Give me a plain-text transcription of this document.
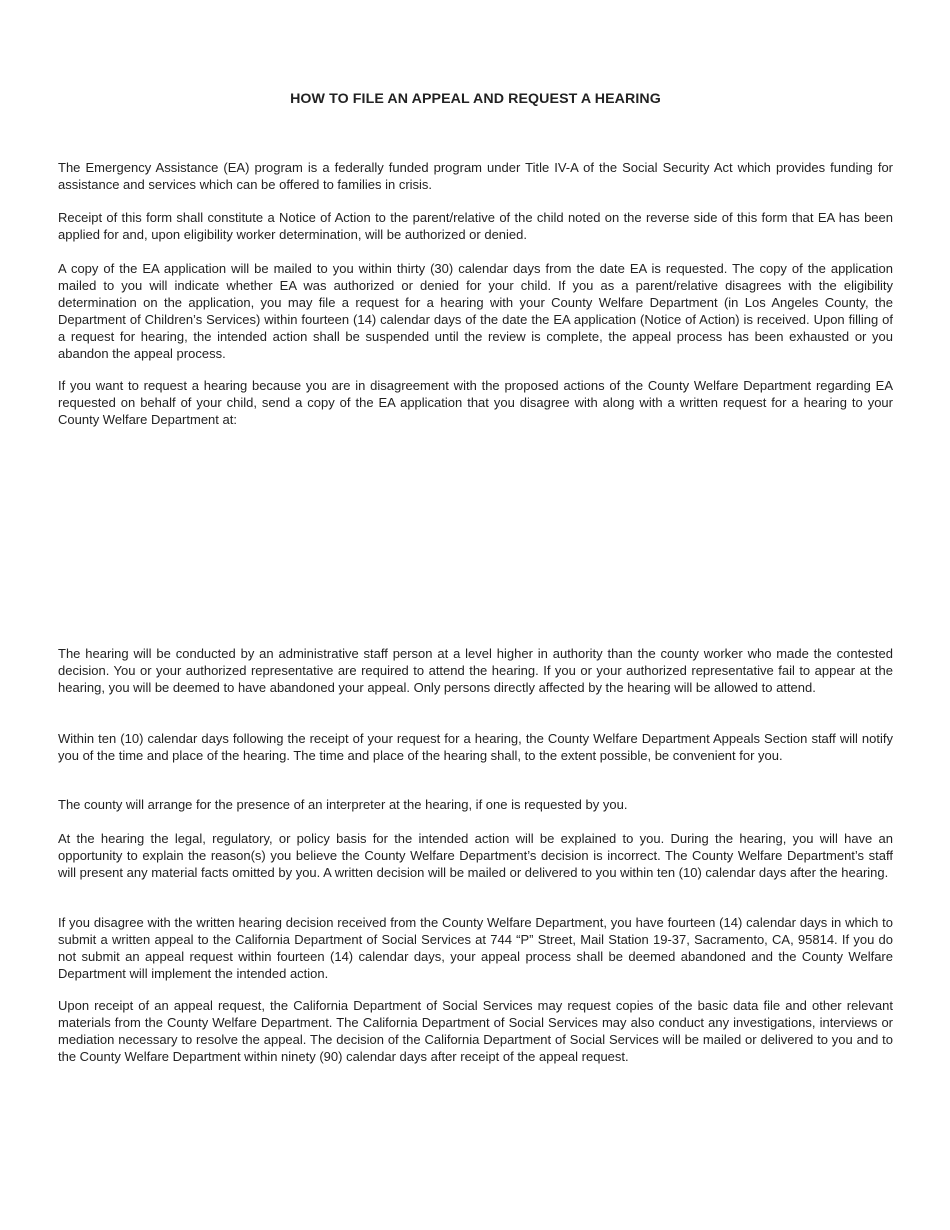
HOW TO FILE AN APPEAL AND REQUEST A HEARING

The Emergency Assistance (EA) program is a federally funded program under Title IV-A of the Social Security Act which provides funding for assistance and services which can be offered to families in crisis.

Receipt of this form shall constitute a Notice of Action to the parent/relative of the child noted on the reverse side of this form that EA has been applied for and, upon eligibility worker determination, will be authorized or denied.

A copy of the EA application will be mailed to you within thirty (30) calendar days from the date EA is requested. The copy of the application mailed to you will indicate whether EA was authorized or denied for your child. If you as a parent/relative disagrees with the eligibility determination on the application, you may file a request for a hearing with your County Welfare Department (in Los Angeles County, the Department of Children’s Services) within fourteen (14) calendar days of the date the EA application (Notice of Action) is received. Upon filling of a request for hearing, the intended action shall be suspended until the review is complete, the appeal process has been exhausted or you abandon the appeal process.

If you want to request a hearing because you are in disagreement with the proposed actions of the County Welfare Department regarding EA requested on behalf of your child, send a copy of the EA application that you disagree with along with a written request for a hearing to your County Welfare Department at:

The hearing will be conducted by an administrative staff person at a level higher in authority than the county worker who made the contested decision. You or your authorized representative are required to attend the hearing. If you or your authorized representative fail to appear at the hearing, you will be deemed to have abandoned your appeal. Only persons directly affected by the hearing will be allowed to attend.

Within ten (10) calendar days following the receipt of your request for a hearing, the County Welfare Department Appeals Section staff will notify you of the time and place of the hearing. The time and place of the hearing shall, to the extent possible, be convenient for you.

The county will arrange for the presence of an interpreter at the hearing, if one is requested by you.

At the hearing the legal, regulatory, or policy basis for the intended action will be explained to you. During the hearing, you will have an opportunity to explain the reason(s) you believe the County Welfare Department’s decision is incorrect. The County Welfare Department’s staff will present any material facts omitted by you. A written decision will be mailed or delivered to you within ten (10) calendar days after the hearing.

If you disagree with the written hearing decision received from the County Welfare Department, you have fourteen (14) calendar days in which to submit a written appeal to the California Department of Social Services at 744 “P” Street, Mail Station 19-37, Sacramento, CA, 95814. If you do not submit an appeal request within fourteen (14) calendar days, your appeal process shall be deemed abandoned and the County Welfare Department will implement the intended action.

Upon receipt of an appeal request, the California Department of Social Services may request copies of the basic data file and other relevant materials from the County Welfare Department. The California Department of Social Services may also conduct any investigations, interviews or mediation necessary to resolve the appeal. The decision of the California Department of Social Services will be mailed or delivered to you and to the County Welfare Department within ninety (90) calendar days after receipt of the appeal request.
